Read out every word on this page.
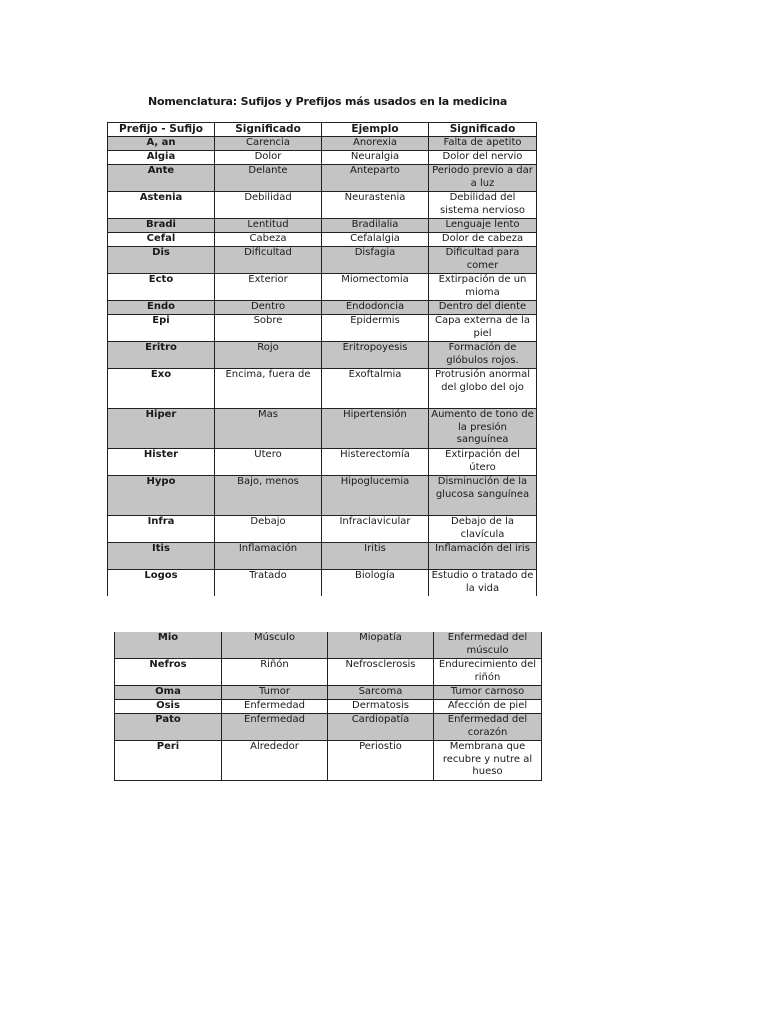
Nomenclatura: Sufijos y Prefijos más usados en la medicina
Prefijo - Sufijo	Significado	Ejemplo	Significado
A, an	Carencia	Anorexia	Falta de apetito
Algia	Dolor	Neuralgia	Dolor del nervio
Ante	Delante	Anteparto	Periodo previo a dar a luz
Astenia	Debilidad	Neurastenia	Debilidad del sistema nervioso
Bradi	Lentitud	Bradilalia	Lenguaje lento
Cefal	Cabeza	Cefalalgia	Dolor de cabeza
Dis	Dificultad	Disfagia	Dificultad para comer
Ecto	Exterior	Miomectomia	Extirpación de un mioma
Endo	Dentro	Endodoncia	Dentro del diente
Epi	Sobre	Epidermis	Capa externa de la piel
Eritro	Rojo	Eritropoyesis	Formación de glóbulos rojos.
Exo	Encima, fuera de	Exoftalmia	Protrusión anormal del globo del ojo
Hiper	Mas	Hipertensión	Aumento de tono de la presión sanguínea
Hister	Útero	Histerectomía	Extirpación del útero
Hypo	Bajo, menos	Hipoglucemia	Disminución de la glucosa sanguínea
Infra	Debajo	Infraclavicular	Debajo de la clavícula
Itis	Inflamación	Iritis	Inflamación del iris
Logos	Tratado	Biología	Estudio o tratado de la vida
Mio	Músculo	Miopatía	Enfermedad del músculo
Nefros	Riñón	Nefrosclerosis	Endurecimiento del riñón
Oma	Tumor	Sarcoma	Tumor carnoso
Osis	Enfermedad	Dermatosis	Afección de piel
Pato	Enfermedad	Cardiopatía	Enfermedad del corazón
Peri	Alrededor	Periostio	Membrana que recubre y nutre al hueso
